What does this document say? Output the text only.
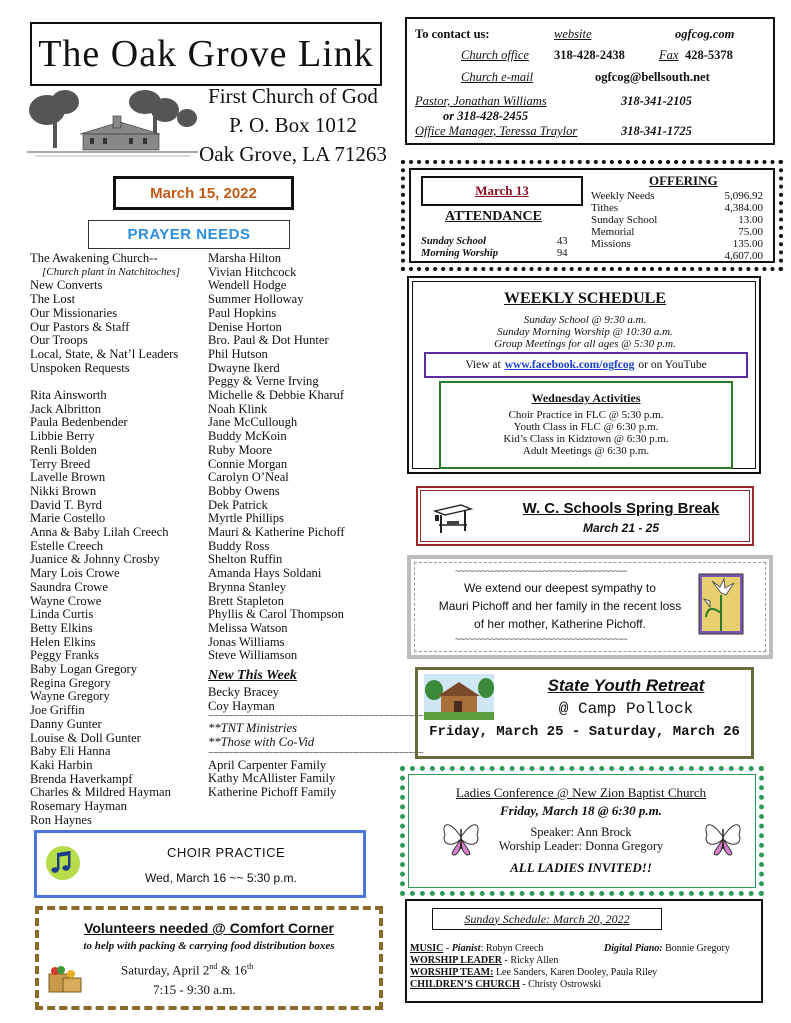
The Oak Grove Link
First Church of God
P. O. Box 1012
Oak Grove, LA 71263
March 15, 2022
PRAYER NEEDS
The Awakening Church--
[Church plant in Natchitoches]
New Converts
The Lost
Our Missionaries
Our Pastors & Staff
Our Troops
Local, State, & Nat’l Leaders
Unspoken Requests
Rita Ainsworth
Jack Albritton
Paula Bedenbender
Libbie Berry
Renli Bolden
Terry Breed
Lavelle Brown
Nikki Brown
David T. Byrd
Marie Costello
Anna & Baby Lilah Creech
Estelle Creech
Juanice & Johnny Crosby
Mary Lois Crowe
Saundra Crowe
Wayne Crowe
Linda Curtis
Betty Elkins
Helen Elkins
Peggy Franks
Baby Logan Gregory
Regina Gregory
Wayne Gregory
Joe Griffin
Danny Gunter
Louise & Doll Gunter
Baby Eli Hanna
Kaki Harbin
Brenda Haverkampf
Charles & Mildred Hayman
Rosemary Hayman
Ron Haynes
Marsha Hilton
Vivian Hitchcock
Wendell Hodge
Summer Holloway
Paul Hopkins
Denise Horton
Bro. Paul & Dot Hunter
Phil Hutson
Dwayne Ikerd
Peggy & Verne Irving
Michelle & Debbie Kharuf
Noah Klink
Jane McCullough
Buddy McKoin
Ruby Moore
Connie Morgan
Carolyn O’Neal
Bobby Owens
Dek Patrick
Myrtle Phillips
Mauri & Katherine Pichoff
Buddy Ross
Shelton Ruffin
Amanda Hays Soldani
Brynna Stanley
Brett Stapleton
Phyllis & Carol Thompson
Melissa Watson
Jonas Williams
Steve Williamson
New This Week
Becky Bracey
Coy Hayman
~~~~~~~~~~~~~~~~~~~~~~~~~~~~~~~~~~~~~~~~~~~
**TNT Ministries
**Those with Co-Vid
~~~~~~~~~~~~~~~~~~~~~~~~~~~~~~~~~~~~~~~~~~~
April Carpenter Family
Kathy McAllister Family
Katherine Pichoff Family
CHOIR PRACTICE
Wed, March 16 ~~ 5:30 p.m.
Volunteers needed @ Comfort Corner
to help with packing & carrying food distribution boxes
Saturday, April 2nd & 16th
7:15 - 9:30 a.m.
To contact us:	website	ogfcog.com
Church office 318-428-2438	Fax 428-5378
Church e-mail	ogfcog@bellsouth.net
Pastor, Jonathan Williams	318-341-2105
or 318-428-2455
Office Manager, Teressa Traylor	318-341-1725
March 13
ATTENDANCE
Sunday School	43
Morning Worship	94
OFFERING
Weekly Needs	5,096.92
Tithes	4,384.00
Sunday School	13.00
Memorial	75.00
Missions	135.00
4,607.00
WEEKLY SCHEDULE
Sunday School @ 9:30 a.m.
Sunday Morning Worship @ 10:30 a.m.
Group Meetings for all ages @ 5:30 p.m.
View at www.facebook.com/ogfcog or on YouTube
Wednesday Activities
Choir Practice in FLC @ 5:30 p.m.
Youth Class in FLC @ 6:30 p.m.
Kid’s Class in Kidztown @ 6:30 p.m.
Adult Meetings @ 6:30 p.m.
W. C. Schools Spring Break
March 21 - 25
~~~~~~~~~~~~~~~~~~~~~~~~~~~~~~~~~~~~~~~
We extend our deepest sympathy to
Mauri Pichoff and her family in the recent loss
of her mother, Katherine Pichoff.
~~~~~~~~~~~~~~~~~~~~~~~~~~~~~~~~~~~~~~~
State Youth Retreat
@ Camp Pollock
Friday, March 25 - Saturday, March 26
Ladies Conference @ New Zion Baptist Church
Friday, March 18 @ 6:30 p.m.
Speaker: Ann Brock
Worship Leader: Donna Gregory
ALL LADIES INVITED!!
Sunday Schedule: March 20, 2022
MUSIC - Pianist: Robyn Creech	Digital Piano: Bonnie Gregory
WORSHIP LEADER - Ricky Allen
WORSHIP TEAM: Lee Sanders, Karen Dooley, Paula Riley
CHILDREN’S CHURCH - Christy Ostrowski
